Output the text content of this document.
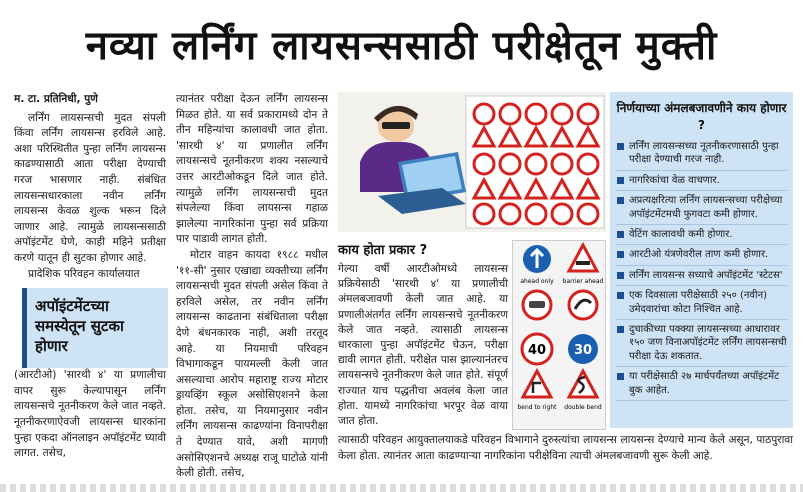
नव्या लर्निंग लायसन्ससाठी परीक्षेतून मुक्ती
म. टा. प्रतिनिधी, पुणे

लर्निंग लायसन्सची मुदत संपली किंवा लर्निंग लायसन्स हरविले आहे. अशा परिस्थितीत पुन्हा लर्निंग लायसन्स काढण्यासाठी आता परीक्षा देण्याची गरज भासणार नाही. संबंधित लायसन्सधारकाला नवीन लर्निंग लायसन्स केवळ शुल्क भरून दिले जाणार आहे. त्यामुळे लायसन्ससाठी अपॉइंटमेंट घेणे, काही महिने प्रतीक्षा करणे यातून ही सुटका होणार आहे.

प्रादेशिक परिवहन कार्यालयात

(आरटीओ) 'सारथी ४' या प्रणालीचा वापर सुरू केल्यापासून लर्निंग लायसन्सचे नूतनीकरण केले जात नव्हते. नूतनीकरणाऐवजी लायसन्स धारकांना पुन्हा एकदा ऑनलाइन अपॉइंटमेंट घ्यावी लागत. तसेच,

अपॉइंटमेंटच्या समस्येतून सुटका होणार

त्यानंतर परीक्षा देऊन लर्निंग लायसन्स मिळत होते. या सर्व प्रकारामध्ये दोन ते तीन महिन्यांचा कालावधी जात होता. 'सारथी ४' या प्रणालीत लर्निंग लायसन्सचे नूतनीकरण शक्य नसल्याचे उत्तर आरटीओकडून दिले जात होते. त्यामुळे लर्निंग लायसन्सची मुदत संपलेल्या किंवा लायसन्स गहाळ झालेल्या नागरिकांना पुन्हा सर्व प्रक्रिया पार पाडावी लागत होती.

मोटार वाहन कायदा १९८८ मधील '११-सी' नुसार एखाद्या व्यक्तीच्या लर्निंग लायसन्सची मुदत संपली असेल किंवा ते हरविले असेल, तर नवीन लर्निंग लायसन्स काढताना संबंधिताला परीक्षा देणे बंधनकारक नाही, अशी तरतूद आहे. या नियमाची परिवहन विभागाकडून पायमल्ली केली जात असल्याचा आरोप महाराष्ट्र राज्य मोटार ड्रायव्हिंग स्कूल असोसिएशनने केला होता. तसेच, या नियमानुसार नवीन लर्निंग लायसन्स काढण्यांना विनापरीक्षा ते देण्यात यावे, अशी मागणी असोसिएशनचे अध्यक्ष राजू घाटोळे यांनी केली होती. तसेच,

काय होता प्रकार ?
गेल्या वर्षी आरटीओमध्ये लायसन्स प्रक्रियेसाठी 'सारथी ४' या प्रणालीची अंमलबजावणी केली जात आहे. या प्रणालीअंतर्गत लर्निंग लायसन्सचे नूतनीकरण केले जात नव्हते. त्यासाठी लायसन्स धारकाला पुन्हा अपॉइंटमेंट घेऊन, परीक्षा द्यावी लागत होती. परीक्षेत पास झाल्यानंतरच लायसन्सचे नूतनीकरण केले जात होते. संपूर्ण राज्यात याच पद्धतीचा अवलंब केला जात होता. यामध्ये नागरिकांचा भरपूर वेळ वाया जात होता.
ahead only barrier ahead
40 30
bend to right double bend
निर्णयाच्या अंमलबजावणीने काय होणार ?
लर्निंग लायसन्सच्या नूतनीकरणासाठी पुन्हा परीक्षा देण्याची गरज नाही.
नागरिकांचा वेळ वाचणार.
अप्रत्यक्षरित्या लर्निंग लायसन्सच्या परीक्षेच्या अपॉइंटमेंटमधी फुगवटा कमी होणार.
वेटिंग कालावधी कमी होणार.
आरटीओ यंत्रणेवरील ताण कमी होणार.
लर्निंग लायसन्स सध्याचे अपॉइंटमेंट 'स्टेटस'
एक दिवसाला परीक्षेसाठी २५० (नवीन) उमेदवारांचा कोटा निश्चित आहे.
दुचाकीच्या पक्क्या लायसन्सच्या आधारावर १५० जण विनाअपॉइंटमेंट लर्निंग लायसन्सची परीक्षा देऊ शकतात.
या परीक्षेसाठी २७ मार्चपर्यंतच्या अपॉइंटमेंट बुक आहेत.
त्यासाठी परिवहन आयुक्तालयाकडे परिवहन विभागाने दुरुस्त्यांचा लायसन्स लायसन्स देण्याचे मान्य केले असून, पाठपुरावा केला होता. त्यानंतर आता काढण्याऱ्या नागरिकांना परीक्षेविना त्याची अंमलबजावणी सुरू केली आहे.
